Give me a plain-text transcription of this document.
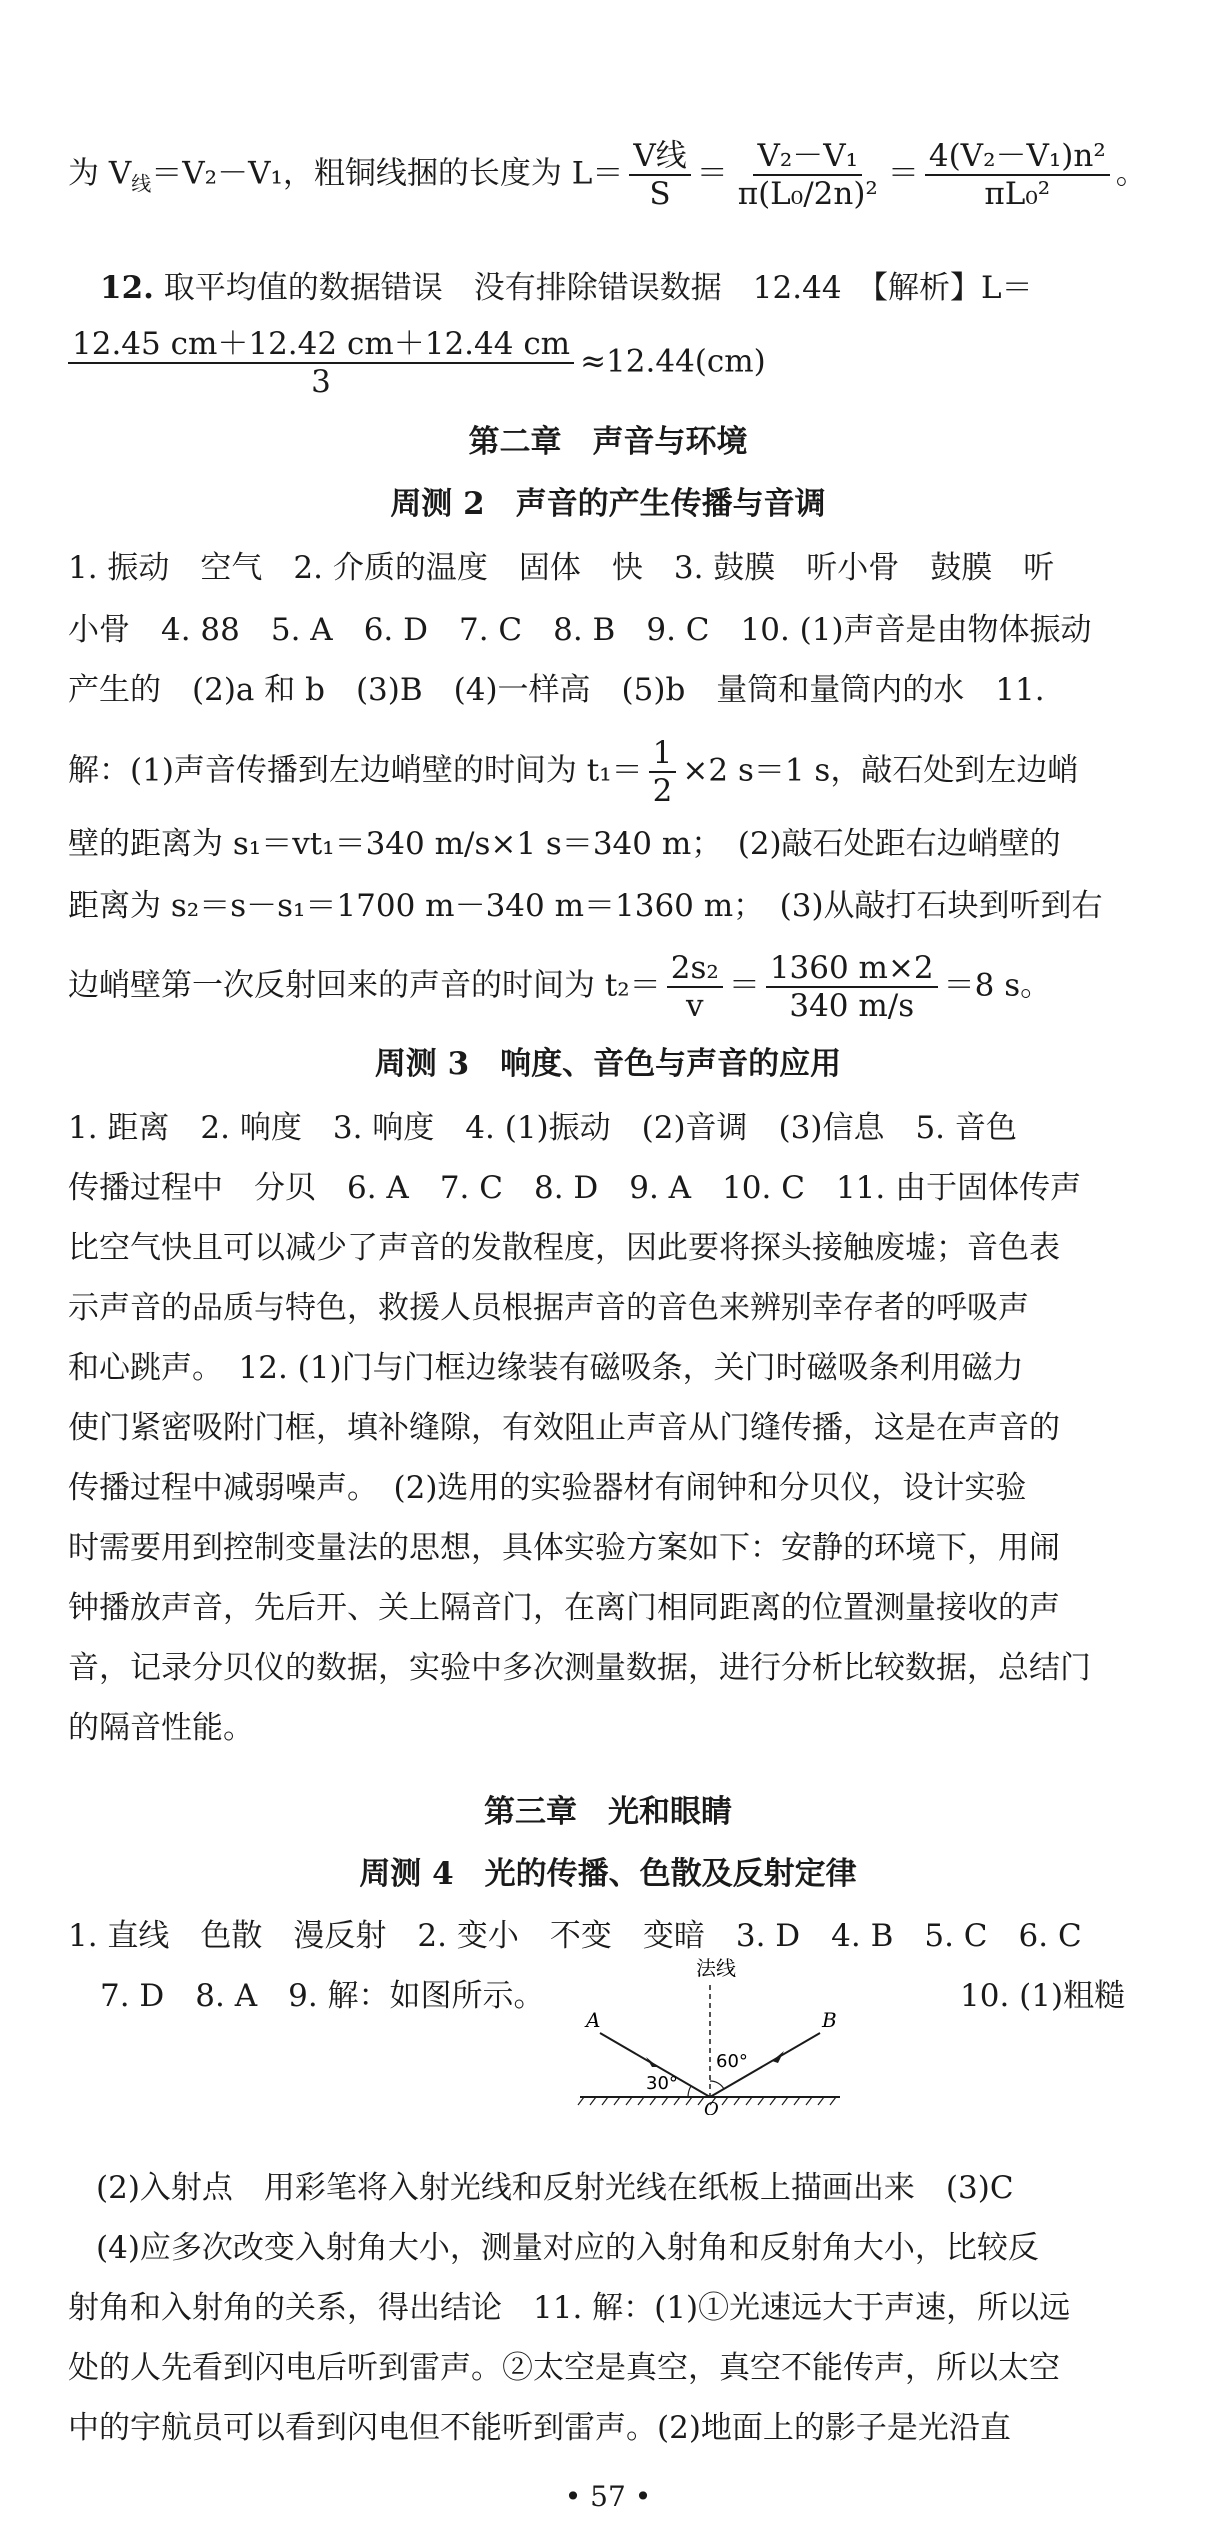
为 $V_线=V_2-V_1$，粗铜线捆的长度为 $L= \frac{\text{V线}}{S} = \frac{\text{V₂－V₁}}{\text{π(L₀/2n)²}} = \frac{\text{4(V₂－V₁)n²}}{\text{πL₀²}}$ 。
12. 取平均值的数据错误　没有排除错误数据　12.44　【解析】L＝
$\frac{12.45 cm+12.42 cm+12.44 cm}{3} \approx 12.44(cm)$
第二章　声音与环境
周测 2　声音的产生传播与音调
1. 振动　空气　2. 介质的温度　固体　快　3. 鼓膜　听小骨　鼓膜　听
小骨　4. 88　5. A　6. D　7. C　8. B　9. C　10. (1)声音是由物体振动
产生的　(2)a 和 b　(3)B　(4)一样高　(5)b　量筒和量筒内的水　11.
解：(1)声音传播到左边峭壁的时间为 $t_1= \frac{1}{2} \times 2$ s＝1 s，敲石处到左边峭
壁的距离为 s₁＝vt₁＝340 m/s×1 s＝340 m；　(2)敲石处距右边峭壁的
距离为 s₂＝s－s₁＝1700 m－340 m＝1360 m；　(3)从敲打石块到听到右
边峭壁第一次反射回来的声音的时间为 $t_2= \frac{\text{2s₂}}{v} = \frac{1360 m\times 2}{340 m/s} =8$ s。
周测 3　响度、音色与声音的应用
1. 距离　2. 响度　3. 响度　4. (1)振动　(2)音调　(3)信息　5. 音色
传播过程中　分贝　6. A　7. C　8. D　9. A　10. C　11. 由于固体传声
比空气快且可以减少了声音的发散程度，因此要将探头接触废墟；音色表
示声音的品质与特色，救援人员根据声音的音色来辨别幸存者的呼吸声
和心跳声。　12. (1)门与门框边缘装有磁吸条，关门时磁吸条利用磁力
使门紧密吸附门框，填补缝隙，有效阻止声音从门缝传播，这是在声音的
传播过程中减弱噪声。　(2)选用的实验器材有闹钟和分贝仪，设计实验
时需要用到控制变量法的思想，具体实验方案如下：安静的环境下，用闹
钟播放声音，先后开、关上隔音门，在离门相同距离的位置测量接收的声
音，记录分贝仪的数据，实验中多次测量数据，进行分析比较数据，总结门
的隔音性能。
第三章　光和眼睛
周测 4　光的传播、色散及反射定律
1. 直线　色散　漫反射　2. 变小　不变　变暗　3. D　4. B　5. C　6. C
7. D　8. A　9. 解：如图所示。	10. (1)粗糙
法线
A	B
O
30°
60°
(2)入射点　用彩笔将入射光线和反射光线在纸板上描画出来　(3)C
(4)应多次改变入射角大小，测量对应的入射角和反射角大小，比较反
射角和入射角的关系，得出结论　11. 解：(1)①光速远大于声速，所以远
处的人先看到闪电后听到雷声。②太空是真空，真空不能传声，所以太空
中的宇航员可以看到闪电但不能听到雷声。(2)地面上的影子是光沿直
• 57 •
